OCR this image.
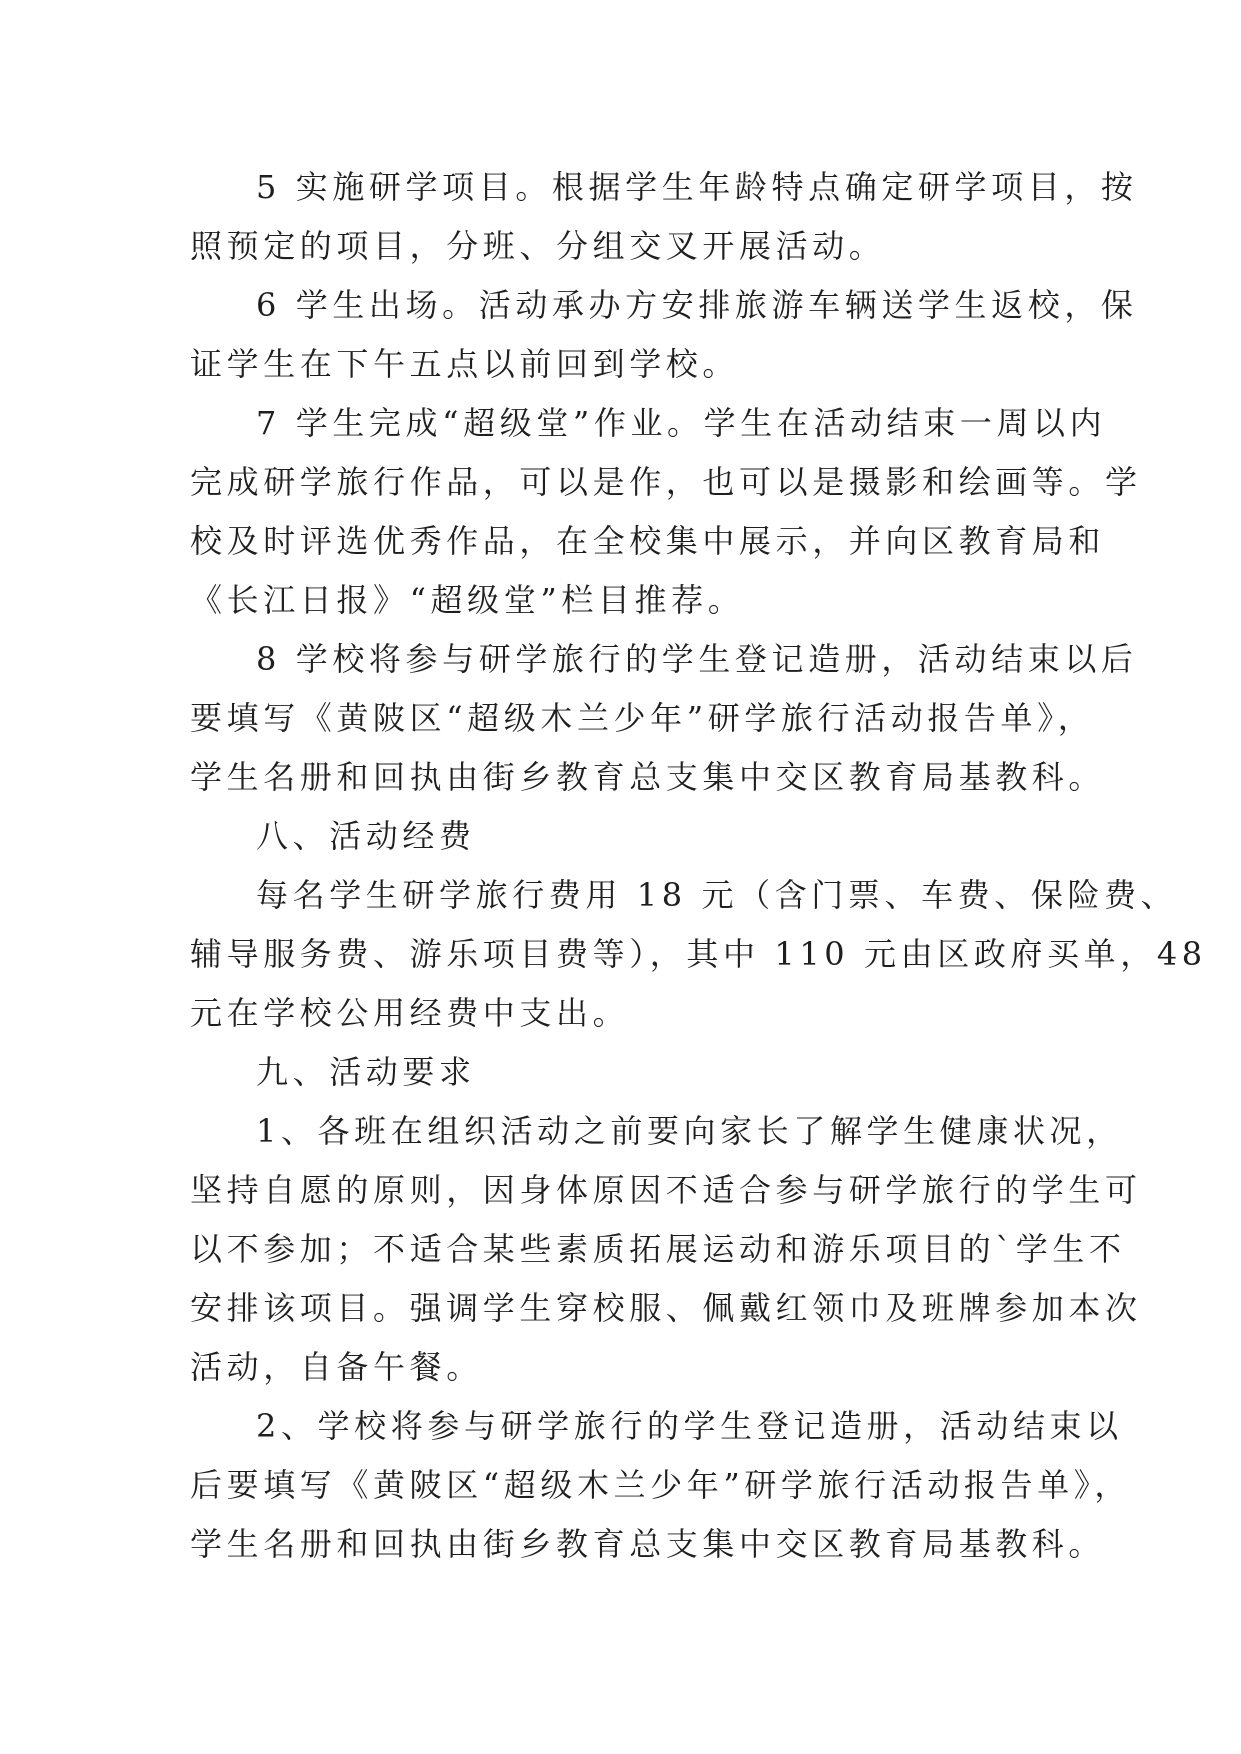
5 实施研学项目。根据学生年龄特点确定研学项目，按
照预定的项目，分班、分组交叉开展活动。
6 学生出场。活动承办方安排旅游车辆送学生返校，保
证学生在下午五点以前回到学校。
7 学生完成“超级堂”作业。学生在活动结束一周以内
完成研学旅行作品，可以是作，也可以是摄影和绘画等。学
校及时评选优秀作品，在全校集中展示，并向区教育局和
《长江日报》“超级堂”栏目推荐。
8 学校将参与研学旅行的学生登记造册，活动结束以后
要填写《黄陂区“超级木兰少年”研学旅行活动报告单》，
学生名册和回执由街乡教育总支集中交区教育局基教科。
八、活动经费
每名学生研学旅行费用 18 元（含门票、车费、保险费、
辅导服务费、游乐项目费等），其中 110 元由区政府买单，48
元在学校公用经费中支出。
九、活动要求
1、各班在组织活动之前要向家长了解学生健康状况，
坚持自愿的原则，因身体原因不适合参与研学旅行的学生可
以不参加；不适合某些素质拓展运动和游乐项目的`学生不
安排该项目。强调学生穿校服、佩戴红领巾及班牌参加本次
活动，自备午餐。
2、学校将参与研学旅行的学生登记造册，活动结束以
后要填写《黄陂区“超级木兰少年”研学旅行活动报告单》，
学生名册和回执由街乡教育总支集中交区教育局基教科。
